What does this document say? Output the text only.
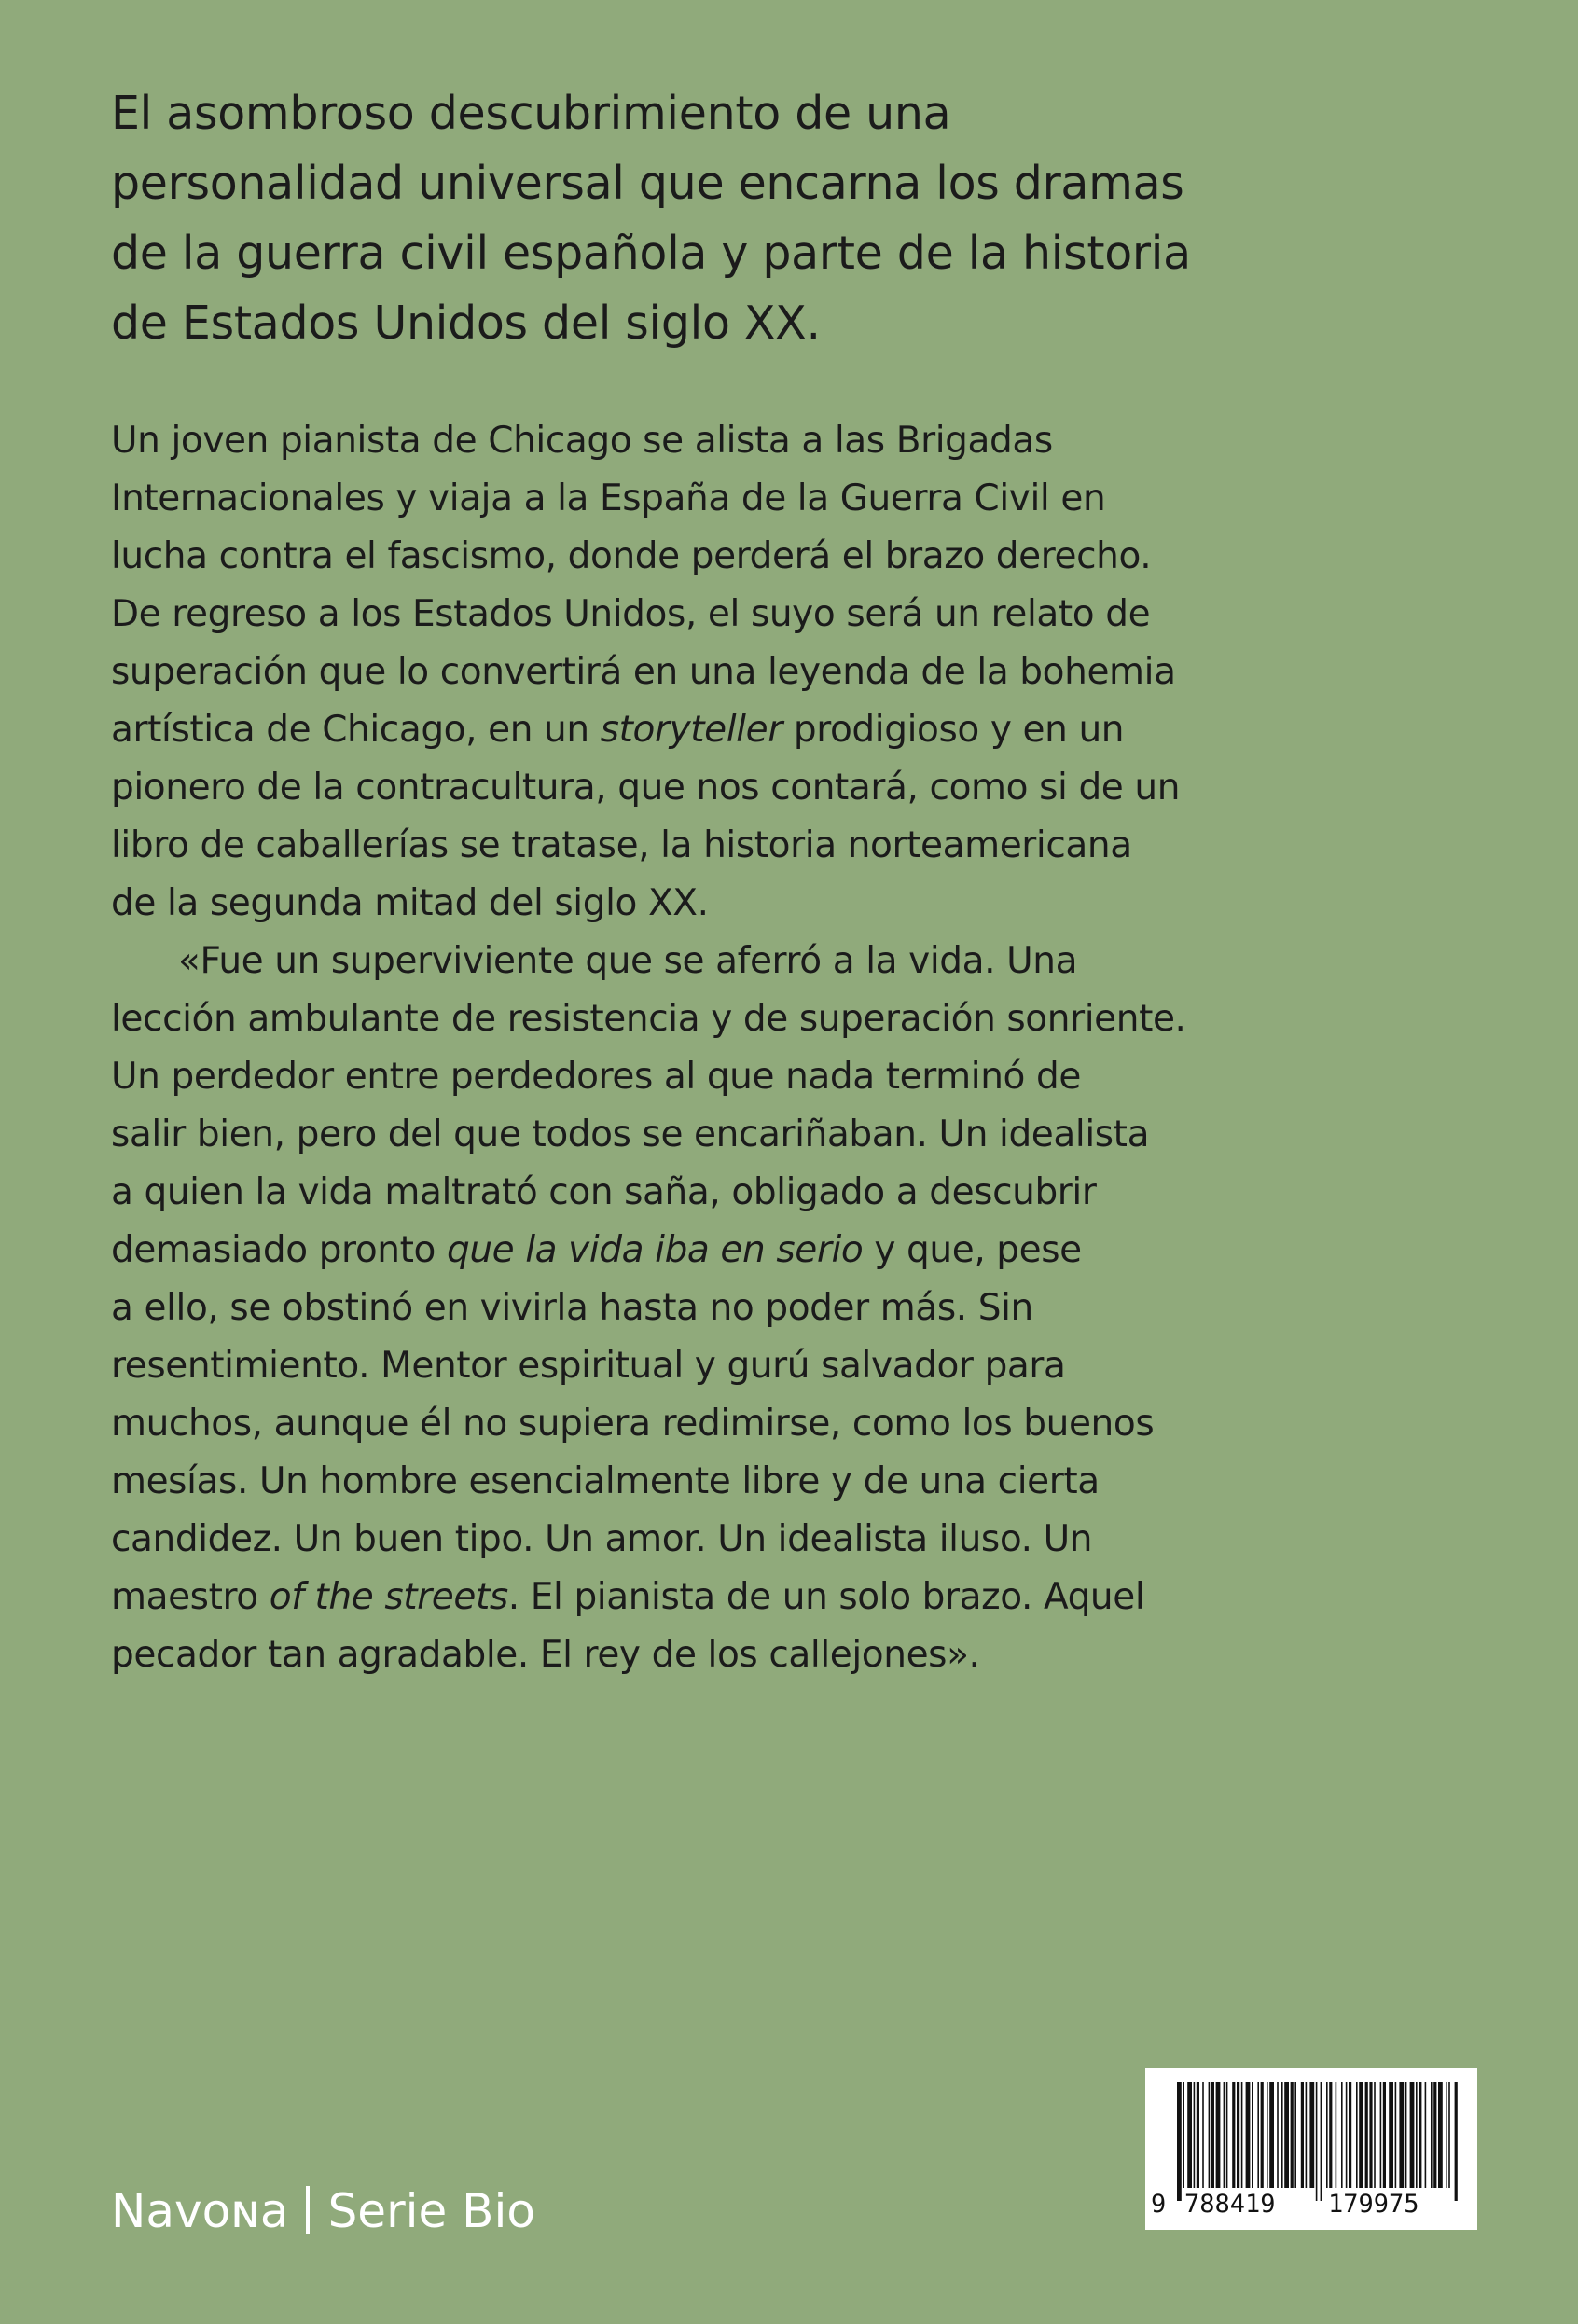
El asombroso descubrimiento de una
personalidad universal que encarna los dramas
de la guerra civil española y parte de la historia
de Estados Unidos del siglo XX.
Un joven pianista de Chicago se alista a las Brigadas
Internacionales y viaja a la España de la Guerra Civil en
lucha contra el fascismo, donde perderá el brazo derecho.
De regreso a los Estados Unidos, el suyo será un relato de
superación que lo convertirá en una leyenda de la bohemia
artística de Chicago, en un storyteller prodigioso y en un
pionero de la contracultura, que nos contará, como si de un
libro de caballerías se tratase, la historia norteamericana
de la segunda mitad del siglo XX.
«Fue un superviviente que se aferró a la vida. Una
lección ambulante de resistencia y de superación sonriente.
Un perdedor entre perdedores al que nada terminó de
salir bien, pero del que todos se encariñaban. Un idealista
a quien la vida maltrató con saña, obligado a descubrir
demasiado pronto que la vida iba en serio y que, pese
a ello, se obstinó en vivirla hasta no poder más. Sin
resentimiento. Mentor espiritual y gurú salvador para
muchos, aunque él no supiera redimirse, como los buenos
mesías. Un hombre esencialmente libre y de una cierta
candidez. Un buen tipo. Un amor. Un idealista iluso. Un
maestro of the streets. El pianista de un solo brazo. Aquel
pecador tan agradable. El rey de los callejones».
Navoɴa Serie Bio	9 788419 179975
